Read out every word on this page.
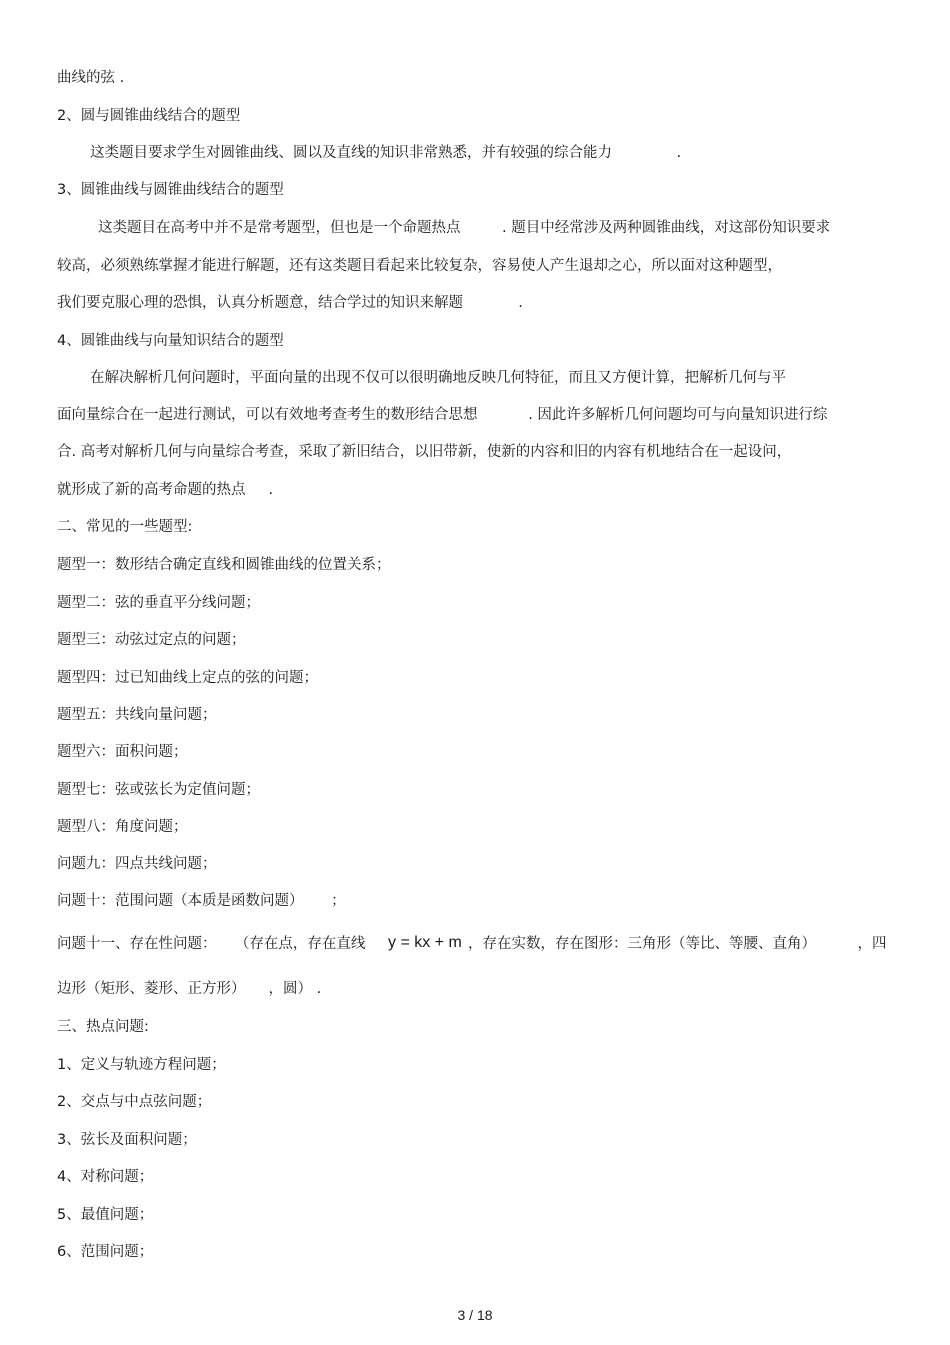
曲线的弦 .
2、圆与圆锥曲线结合的题型
这类题目要求学生对圆锥曲线、圆以及直线的知识非常熟悉，并有较强的综合能力              .
3、圆锥曲线与圆锥曲线结合的题型
这类题目在高考中并不是常考题型，但也是一个命题热点         . 题目中经常涉及两种圆锥曲线，对这部份知识要求
较高，必须熟练掌握才能进行解题，还有这类题目看起来比较复杂，容易使人产生退却之心，所以面对这种题型，
我们要克服心理的恐惧，认真分析题意，结合学过的知识来解题            .
4、圆锥曲线与向量知识结合的题型
在解决解析几何问题时，平面向量的出现不仅可以很明确地反映几何特征，而且又方便计算，把解析几何与平
面向量综合在一起进行测试，可以有效地考查考生的数形结合思想           . 因此许多解析几何问题均可与向量知识进行综
合. 高考对解析几何与向量综合考查，采取了新旧结合，以旧带新，使新的内容和旧的内容有机地结合在一起设问，
就形成了新的高考命题的热点     .
二、常见的一些题型:
题型一：数形结合确定直线和圆锥曲线的位置关系；
题型二：弦的垂直平分线问题；
题型三：动弦过定点的问题；
题型四：过已知曲线上定点的弦的问题；
题型五：共线向量问题；
题型六：面积问题；
题型七：弦或弦长为定值问题；
题型八：角度问题；
问题九：四点共线问题；
问题十：范围问题（本质是函数问题）      ；
问题十一、存在性问题：    （存在点，存在直线 y = kx + m ，存在实数，存在图形：三角形（等比、等腰、直角）         ，四
边形（矩形、菱形、正方形）     ，圆） .
三、热点问题:
1、定义与轨迹方程问题；
2、交点与中点弦问题；
3、弦长及面积问题；
4、对称问题；
5、最值问题；
6、范围问题；
3 / 18
